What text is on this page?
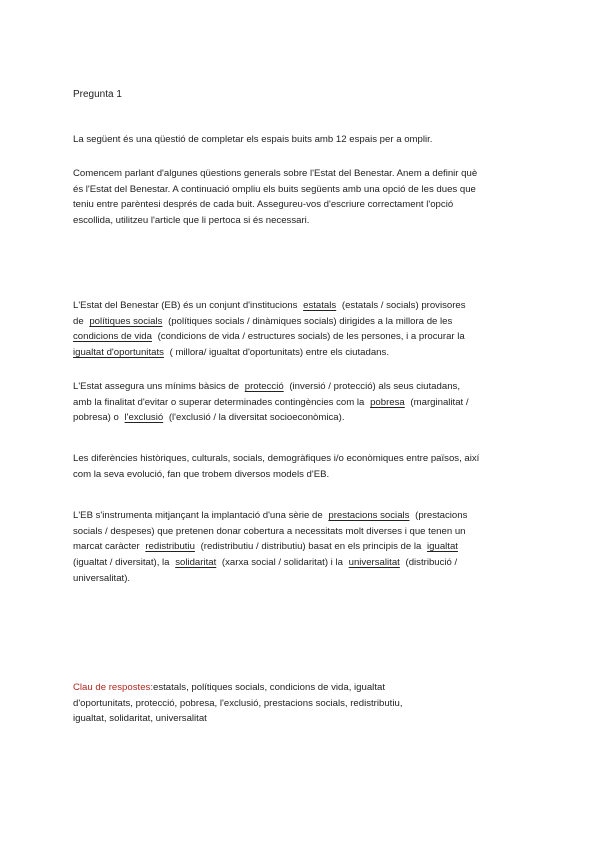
Pregunta 1
La següent és una qüestió de completar els espais buits amb 12 espais per a omplir.
Comencem parlant d'algunes qüestions generals sobre l'Estat del Benestar. Anem a definir què
és l'Estat del Benestar. A continuació ompliu els buits següents amb una opció de les dues que
teniu entre parèntesi després de cada buit. Assegureu-vos d'escriure correctament l'opció
escollida, utilitzeu l'article que li pertoca si és necessari.
L'Estat del Benestar (EB) és un conjunt d'institucions estatals (estatals / socials) provisores
de polítiques socials (polítiques socials / dinàmiques socials) dirigides a la millora de les
condicions de vida (condicions de vida / estructures socials) de les persones, i a procurar la
igualtat d'oportunitats ( millora/ igualtat d'oportunitats) entre els ciutadans.
L'Estat assegura uns mínims bàsics de protecció (inversió / protecció) als seus ciutadans,
amb la finalitat d'evitar o superar determinades contingències com la pobresa (marginalitat /
pobresa) o l'exclusió (l'exclusió / la diversitat socioeconòmica).
Les diferències històriques, culturals, socials, demogràfiques i/o econòmiques entre països, així
com la seva evolució, fan que trobem diversos models d'EB.
L'EB s'instrumenta mitjançant la implantació d'una sèrie de prestacions socials (prestacions
socials / despeses) que pretenen donar cobertura a necessitats molt diverses i que tenen un
marcat caràcter redistributiu (redistributiu / distributiu) basat en els principis de la igualtat
(igualtat / diversitat), la solidaritat (xarxa social / solidaritat) i la universalitat (distribució /
universalitat).
Clau de respostes:estatals, polítiques socials, condicions de vida, igualtat
d'oportunitats, protecció, pobresa, l'exclusió, prestacions socials, redistributiu,
igualtat, solidaritat, universalitat
